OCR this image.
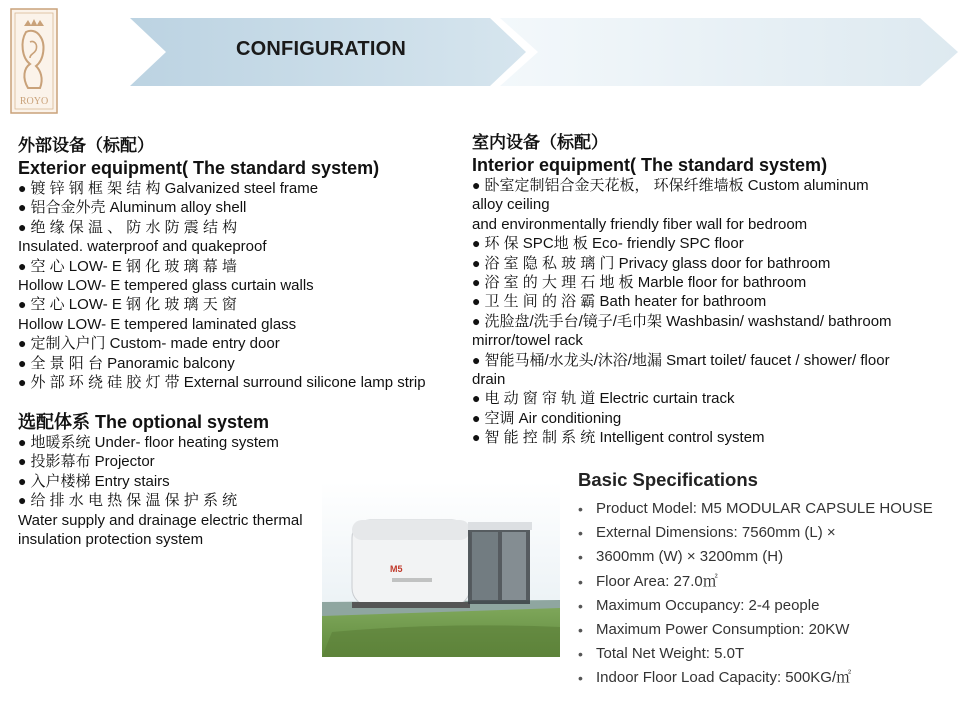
ROYO
CONFIGURATION
外部设备（标配）
Exterior equipment( The standard system)
● 镀 锌 钢 框 架 结 构 Galvanized steel frame
● 铝合金外壳 Aluminum alloy shell
● 绝 缘 保 温 、 防 水 防 震 结 构
Insulated. waterproof and quakeproof
● 空 心 LOW- E 钢 化 玻 璃 幕 墙
Hollow LOW- E tempered glass curtain walls
● 空 心 LOW- E 钢 化 玻 璃 天 窗
Hollow LOW- E tempered laminated glass
● 定制入户门 Custom- made entry door
● 全 景 阳 台 Panoramic balcony
● 外 部 环 绕 硅 胶 灯 带 External surround silicone lamp strip
选配体系 The optional system
● 地暖系统 Under- floor heating system
● 投影幕布 Projector
● 入户楼梯 Entry stairs
● 给 排 水 电 热 保 温 保 护 系 统
Water supply and drainage electric thermal insulation protection system
室内设备（标配）
Interior equipment( The standard system)
● 卧室定制铝合金天花板， 环保纤维墙板 Custom aluminum
alloy ceiling
and environmentally friendly fiber wall for bedroom
● 环 保 SPC地 板 Eco- friendly SPC floor
● 浴 室 隐 私 玻 璃 门 Privacy glass door for bathroom
● 浴 室 的 大 理 石 地 板 Marble floor for bathroom
● 卫 生 间 的 浴 霸 Bath heater for bathroom
● 洗脸盘/洗手台/镜子/毛巾架 Washbasin/ washstand/ bathroom
mirror/towel rack
● 智能马桶/水龙头/沐浴/地漏 Smart toilet/ faucet / shower/ floor
drain
● 电 动 窗 帘 轨 道 Electric curtain track
● 空调 Air conditioning
● 智 能 控 制 系 统 Intelligent control system
M5
Basic Specifications
• Product Model: M5 MODULAR CAPSULE HOUSE
• External Dimensions: 7560mm (L) ×
• 3600mm (W) × 3200mm (H)
• Floor Area: 27.0㎡
• Maximum Occupancy: 2-4 people
• Maximum Power Consumption: 20KW
• Total Net Weight: 5.0T
• Indoor Floor Load Capacity: 500KG/㎡
